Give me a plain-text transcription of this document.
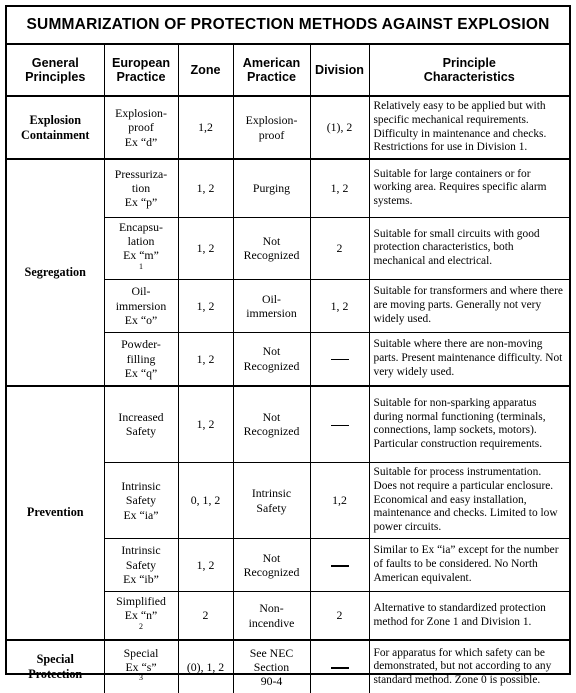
SUMMARIZATION OF PROTECTION METHODS AGAINST EXPLOSION
General
Principles	European
Practice	Zone	American
Practice	Division	Principle
Characteristics

Explosion
Containment	Explosion-
proof
Ex “d”	1,2	Explosion-
proof	(1), 2	Relatively easy to be applied but with specific mechanical requirements. Difficulty in maintenance and checks. Restrictions for use in Division 1.
Segregation	Pressuriza-
tion
Ex “p”	1, 2	Purging	1, 2	Suitable for large containers or for working area. Requires specific alarm systems.

	Encapsu-
lation
Ex “m”
$^1$	1, 2	Not
Recognized	2	Suitable for small circuits with good protection characteristics, both mechanical and electrical.

	Oil-
immersion
Ex “o”	1, 2	Oil-
immersion	1, 2	Suitable for transformers and where there are moving parts. Generally not very widely used.

	Powder-
filling
Ex “q”	1, 2	Not
Recognized		Suitable where there are non-moving parts. Present maintenance difficulty. Not very widely used.
Prevention	Increased
Safety	1, 2	Not
Recognized		Suitable for non-sparking apparatus during normal functioning (terminals, connections, lamp sockets, motors). Particular construction requirements.

	Intrinsic
Safety
Ex “ia”	0, 1, 2	Intrinsic
Safety	1,2	Suitable for process instrumentation. Does not require a particular enclosure. Economical and easy installation, maintenance and checks. Limited to low power circuits.

	Intrinsic
Safety
Ex “ib”	1, 2	Not
Recognized		Similar to Ex “ia” except for the number of faults to be considered. No North American equivalent.

	Simplified
Ex “n”
$^2$	2	Non-
incendive	2	Alternative to standardized protection method for Zone 1 and Division 1.

Special
Protection	Special
Ex “s”
$^3$	(0), 1, 2	See NEC
Section
90-4		For apparatus for which safety can be demonstrated, but not according to any standard method. Zone 0 is possible.
